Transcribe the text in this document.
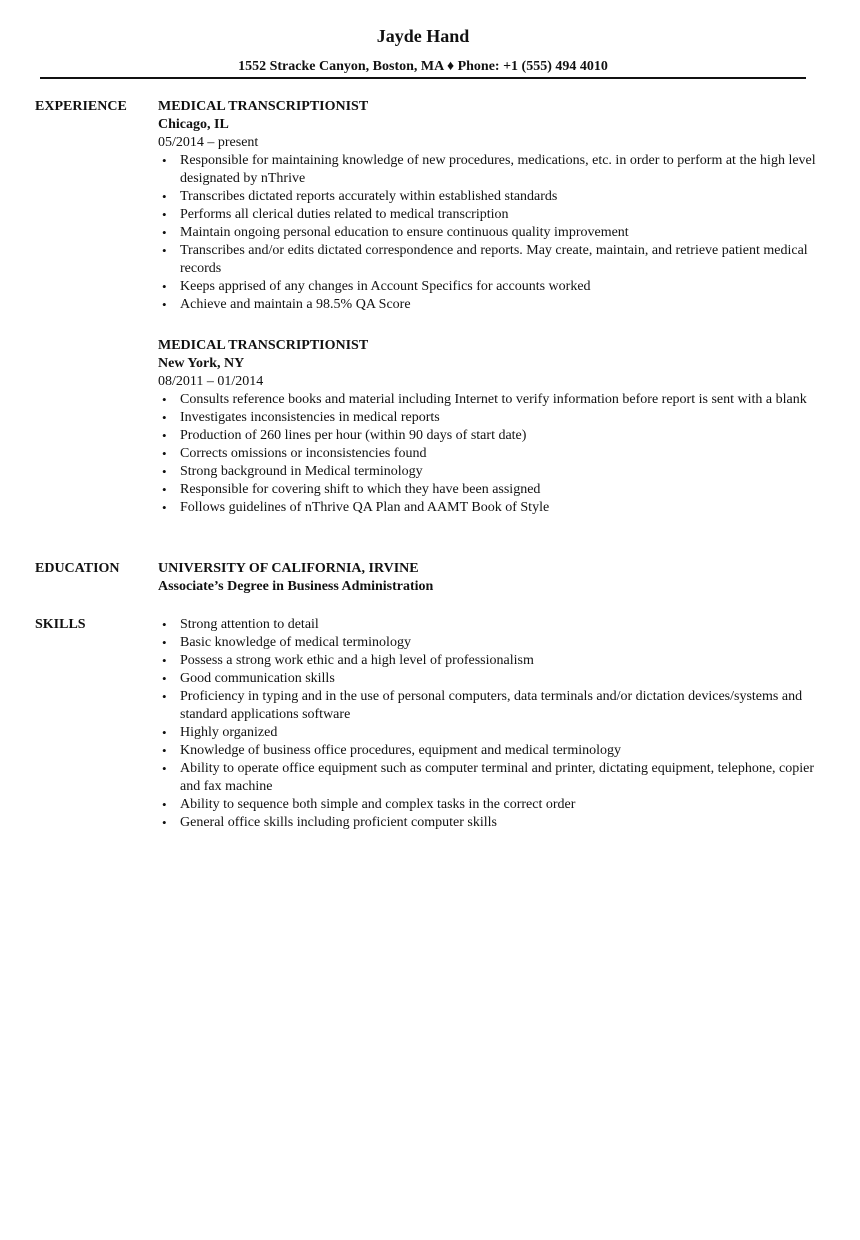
Jayde Hand
1552 Stracke Canyon, Boston, MA ♦ Phone: +1 (555) 494 4010
EXPERIENCE MEDICAL TRANSCRIPTIONIST
Chicago, IL
05/2014 – present
• Responsible for maintaining knowledge of new procedures, medications, etc. in order to perform at the high level designated by nThrive
• Transcribes dictated reports accurately within established standards
• Performs all clerical duties related to medical transcription
• Maintain ongoing personal education to ensure continuous quality improvement
• Transcribes and/or edits dictated correspondence and reports. May create, maintain, and retrieve patient medical records
• Keeps apprised of any changes in Account Specifics for accounts worked
• Achieve and maintain a 98.5% QA Score
MEDICAL TRANSCRIPTIONIST
New York, NY
08/2011 – 01/2014
• Consults reference books and material including Internet to verify information before report is sent with a blank
• Investigates inconsistencies in medical reports
• Production of 260 lines per hour (within 90 days of start date)
• Corrects omissions or inconsistencies found
• Strong background in Medical terminology
• Responsible for covering shift to which they have been assigned
• Follows guidelines of nThrive QA Plan and AAMT Book of Style
EDUCATION	UNIVERSITY OF CALIFORNIA, IRVINE
Associate’s Degree in Business Administration
SKILLS
•	Strong attention to detail
• Basic knowledge of medical terminology
• Possess a strong work ethic and a high level of professionalism
• Good communication skills
• Proficiency in typing and in the use of personal computers, data terminals and/or dictation devices/systems and standard applications software
• Highly organized
• Knowledge of business office procedures, equipment and medical terminology
• Ability to operate office equipment such as computer terminal and printer, dictating equipment, telephone, copier and fax machine
• Ability to sequence both simple and complex tasks in the correct order
• General office skills including proficient computer skills
